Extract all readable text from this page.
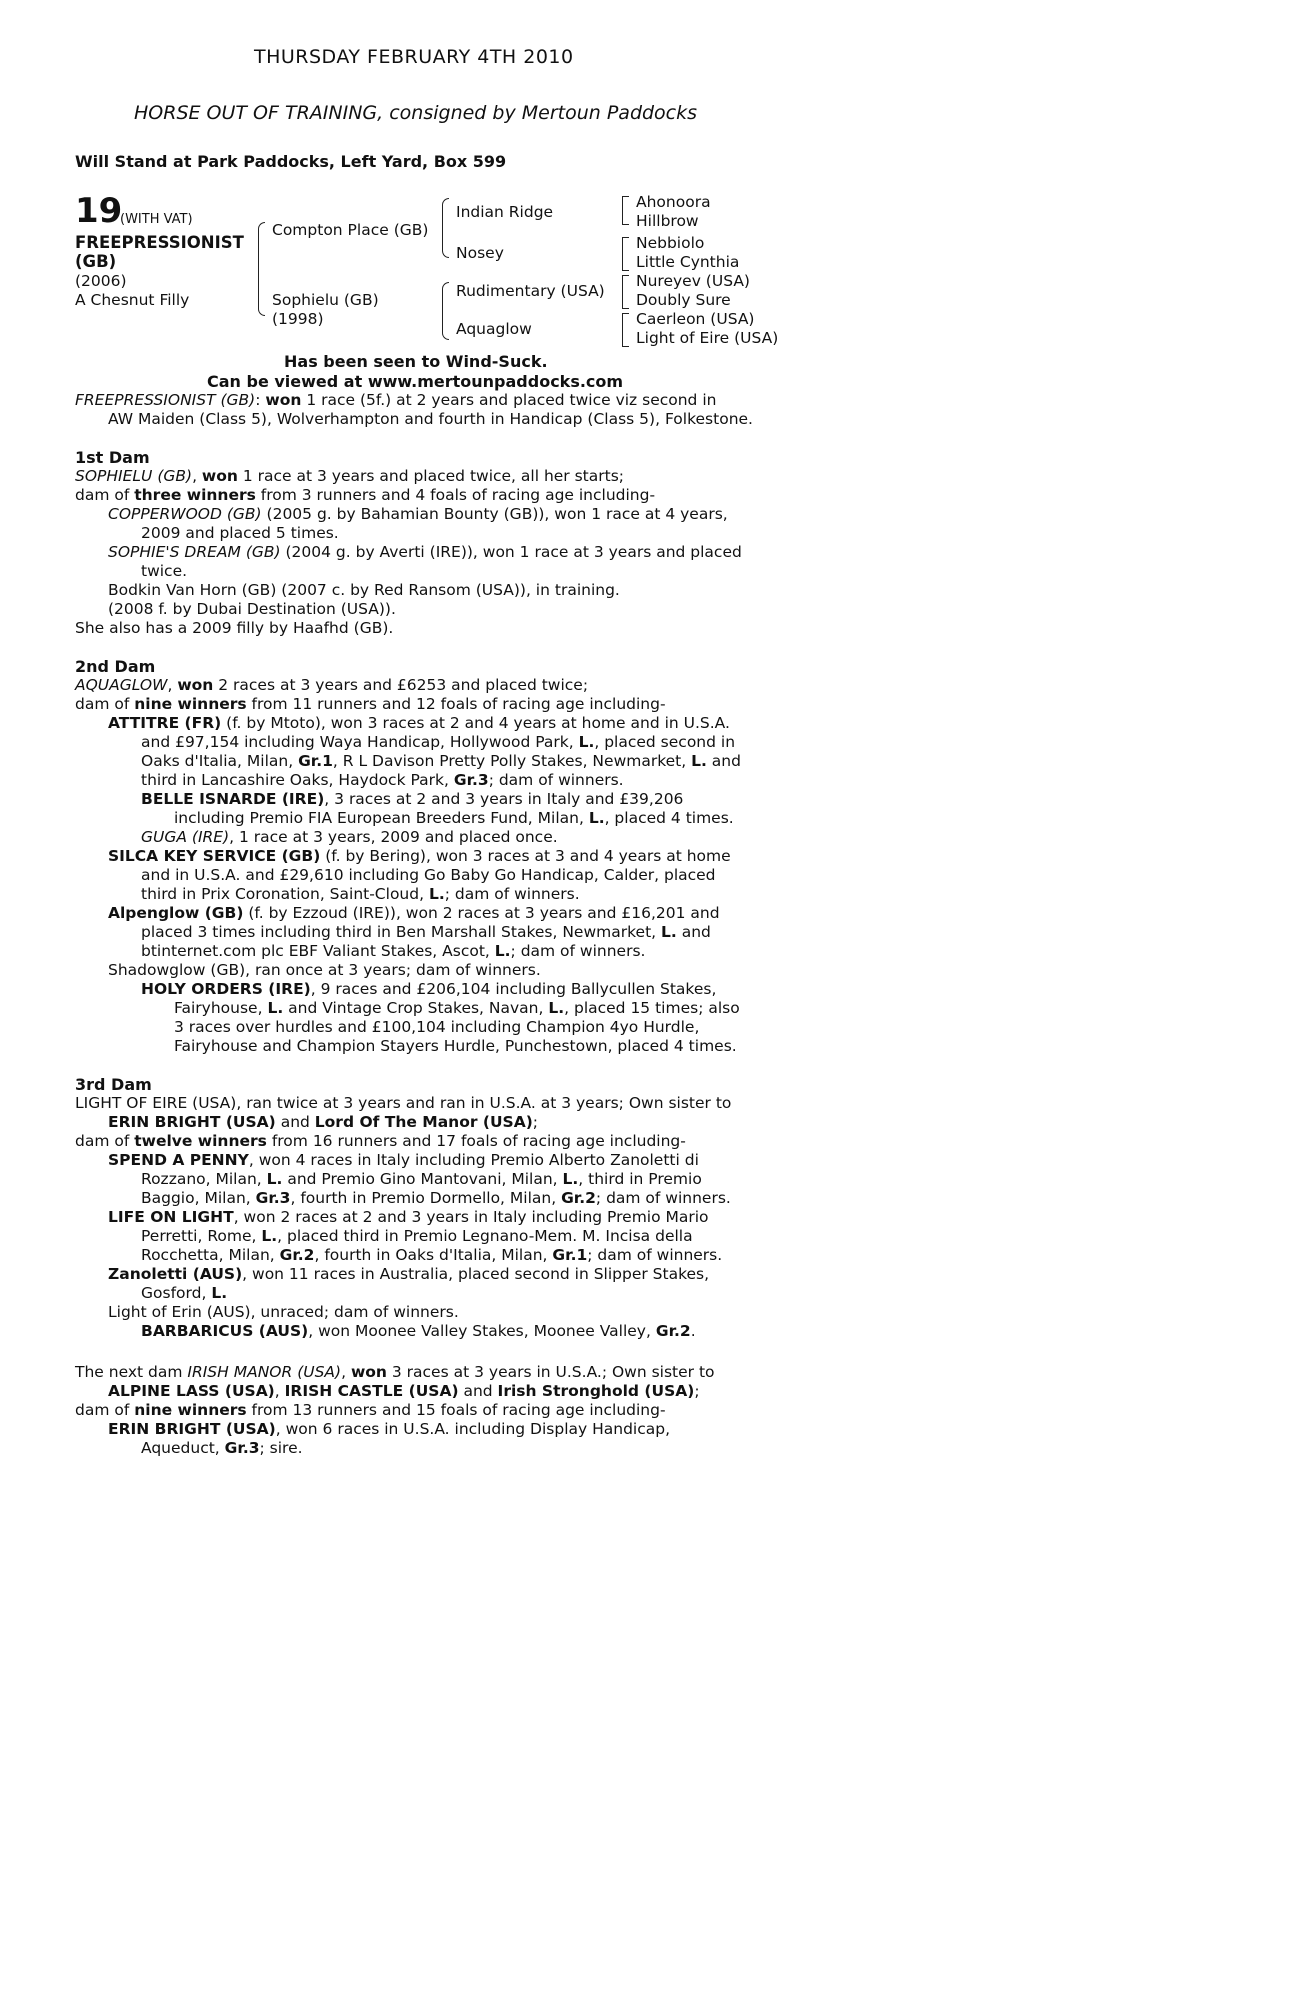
THURSDAY FEBRUARY 4TH 2010
HORSE OUT OF TRAINING, consigned by Mertoun Paddocks
Will Stand at Park Paddocks, Left Yard, Box 599
19
(WITH VAT)
FREEPRESSIONIST (GB)
(2006)
A Chesnut Filly
Compton Place (GB)
Sophielu (GB)
(1998)
Indian Ridge
Nosey
Rudimentary (USA)
Aquaglow
Ahonoora
Hillbrow
Nebbiolo
Little Cynthia
Nureyev (USA)
Doubly Sure
Caerleon (USA)
Light of Eire (USA)
Has been seen to Wind-Suck.
Can be viewed at www.mertounpaddocks.com
FREEPRESSIONIST (GB): won 1 race (5f.) at 2 years and placed twice viz second in
AW Maiden (Class 5), Wolverhampton and fourth in Handicap (Class 5), Folkestone.
1st Dam
SOPHIELU (GB), won 1 race at 3 years and placed twice, all her starts;
dam of three winners from 3 runners and 4 foals of racing age including-
COPPERWOOD (GB) (2005 g. by Bahamian Bounty (GB)), won 1 race at 4 years,
2009 and placed 5 times.
SOPHIE'S DREAM (GB) (2004 g. by Averti (IRE)), won 1 race at 3 years and placed
twice.
Bodkin Van Horn (GB) (2007 c. by Red Ransom (USA)), in training.
(2008 f. by Dubai Destination (USA)).
She also has a 2009 filly by Haafhd (GB).
2nd Dam
AQUAGLOW, won 2 races at 3 years and £6253 and placed twice;
dam of nine winners from 11 runners and 12 foals of racing age including-
ATTITRE (FR) (f. by Mtoto), won 3 races at 2 and 4 years at home and in U.S.A.
and £97,154 including Waya Handicap, Hollywood Park, L., placed second in
Oaks d'Italia, Milan, Gr.1, R L Davison Pretty Polly Stakes, Newmarket, L. and
third in Lancashire Oaks, Haydock Park, Gr.3; dam of winners.
BELLE ISNARDE (IRE), 3 races at 2 and 3 years in Italy and £39,206
including Premio FIA European Breeders Fund, Milan, L., placed 4 times.
GUGA (IRE), 1 race at 3 years, 2009 and placed once.
SILCA KEY SERVICE (GB) (f. by Bering), won 3 races at 3 and 4 years at home
and in U.S.A. and £29,610 including Go Baby Go Handicap, Calder, placed
third in Prix Coronation, Saint-Cloud, L.; dam of winners.
Alpenglow (GB) (f. by Ezzoud (IRE)), won 2 races at 3 years and £16,201 and
placed 3 times including third in Ben Marshall Stakes, Newmarket, L. and
btinternet.com plc EBF Valiant Stakes, Ascot, L.; dam of winners.
Shadowglow (GB), ran once at 3 years; dam of winners.
HOLY ORDERS (IRE), 9 races and £206,104 including Ballycullen Stakes,
Fairyhouse, L. and Vintage Crop Stakes, Navan, L., placed 15 times; also
3 races over hurdles and £100,104 including Champion 4yo Hurdle,
Fairyhouse and Champion Stayers Hurdle, Punchestown, placed 4 times.
3rd Dam
LIGHT OF EIRE (USA), ran twice at 3 years and ran in U.S.A. at 3 years; Own sister to
ERIN BRIGHT (USA) and Lord Of The Manor (USA);
dam of twelve winners from 16 runners and 17 foals of racing age including-
SPEND A PENNY, won 4 races in Italy including Premio Alberto Zanoletti di
Rozzano, Milan, L. and Premio Gino Mantovani, Milan, L., third in Premio
Baggio, Milan, Gr.3, fourth in Premio Dormello, Milan, Gr.2; dam of winners.
LIFE ON LIGHT, won 2 races at 2 and 3 years in Italy including Premio Mario
Perretti, Rome, L., placed third in Premio Legnano-Mem. M. Incisa della
Rocchetta, Milan, Gr.2, fourth in Oaks d'Italia, Milan, Gr.1; dam of winners.
Zanoletti (AUS), won 11 races in Australia, placed second in Slipper Stakes,
Gosford, L.
Light of Erin (AUS), unraced; dam of winners.
BARBARICUS (AUS), won Moonee Valley Stakes, Moonee Valley, Gr.2.
The next dam IRISH MANOR (USA), won 3 races at 3 years in U.S.A.; Own sister to
ALPINE LASS (USA), IRISH CASTLE (USA) and Irish Stronghold (USA);
dam of nine winners from 13 runners and 15 foals of racing age including-
ERIN BRIGHT (USA), won 6 races in U.S.A. including Display Handicap,
Aqueduct, Gr.3; sire.
